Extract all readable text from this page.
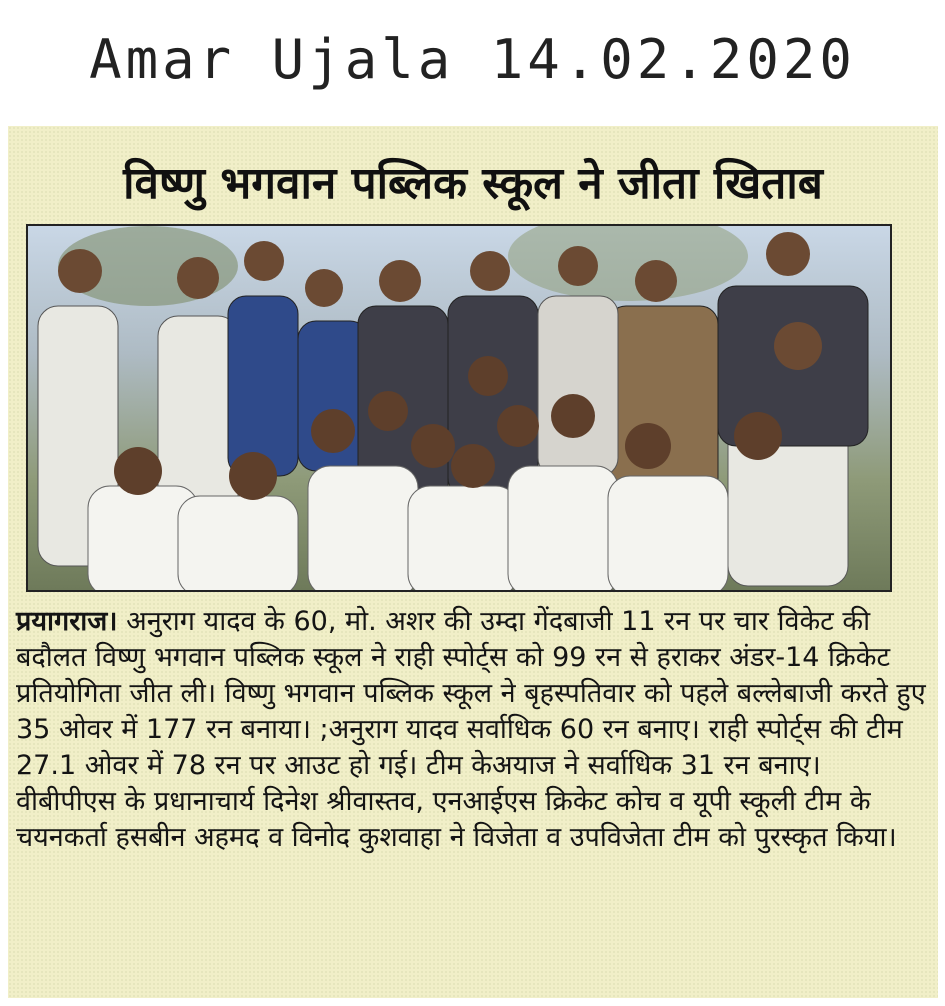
Amar Ujala 14.02.2020
विष्णु भगवान पब्लिक स्कूल ने जीता खिताब
प्रयागराज। अनुराग यादव के 60, मो. अशर की उम्दा गेंदबाजी 11 रन पर चार विकेट की बदौलत विष्णु भगवान पब्लिक स्कूल ने राही स्पोर्ट्स को 99 रन से हराकर अंडर-14 क्रिकेट प्रतियोगिता जीत ली। विष्णु भगवान पब्लिक स्कूल ने बृहस्पतिवार को पहले बल्लेबाजी करते हुए 35 ओवर में 177 रन बनाया। ;अनुराग यादव सर्वाधिक 60 रन बनाए। राही स्पोर्ट्स की टीम 27.1 ओवर में 78 रन पर आउट हो गई। टीम केअयाज ने सर्वाधिक 31 रन बनाए। वीबीपीएस के प्रधानाचार्य दिनेश श्रीवास्तव, एनआईएस क्रिकेट कोच व यूपी स्कूली टीम के चयनकर्ता हसबीन अहमद व विनोद कुशवाहा ने विजेता व उपविजेता टीम को पुरस्कृत किया।
